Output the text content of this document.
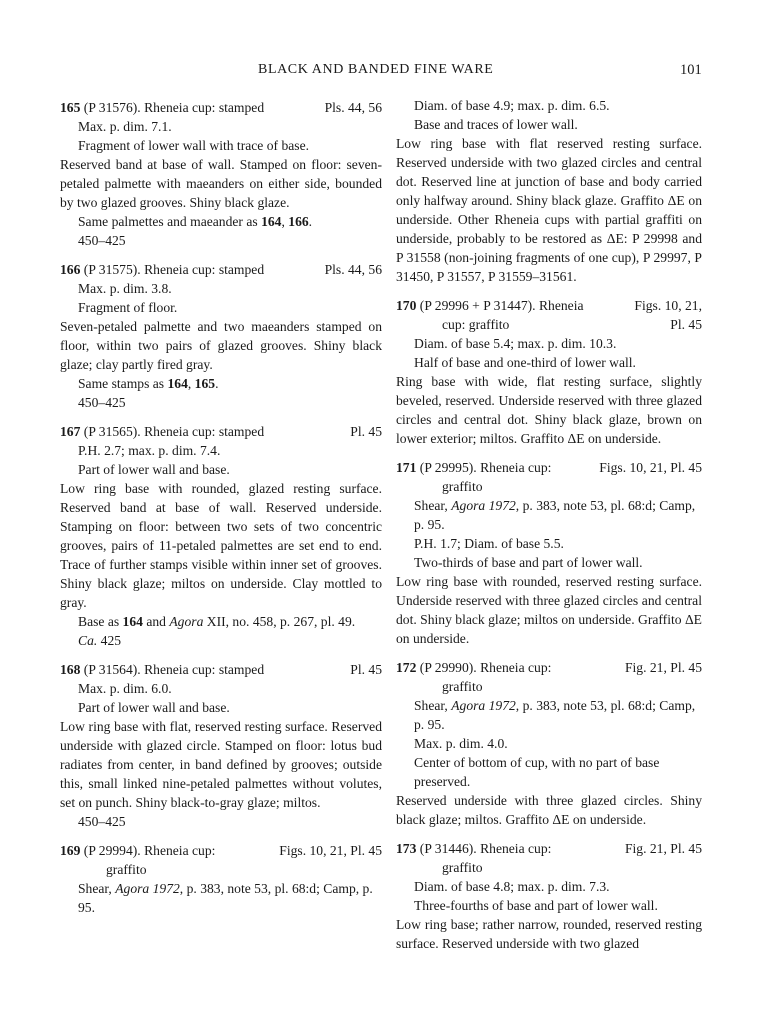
BLACK AND BANDED FINE WARE	101
165 (P 31576). Rheneia cup: stamped	Pls. 44, 56

Max. p. dim. 7.1.

Fragment of lower wall with trace of base.

Reserved band at base of wall. Stamped on floor: seven-petaled palmette with maeanders on either side, bounded by two glazed grooves. Shiny black glaze.

Same palmettes and maeander as 164, 166.

450–425

166 (P 31575). Rheneia cup: stamped	Pls. 44, 56

Max. p. dim. 3.8.

Fragment of floor.

Seven-petaled palmette and two maeanders stamped on floor, within two pairs of glazed grooves. Shiny black glaze; clay partly fired gray.

Same stamps as 164, 165.

450–425

167 (P 31565). Rheneia cup: stamped	Pl. 45

P.H. 2.7; max. p. dim. 7.4.

Part of lower wall and base.

Low ring base with rounded, glazed resting surface. Reserved band at base of wall. Reserved underside. Stamping on floor: between two sets of two concentric grooves, pairs of 11-petaled palmettes are set end to end. Trace of further stamps visible within inner set of grooves. Shiny black glaze; miltos on underside. Clay mottled to gray.

Base as 164 and Agora XII, no. 458, p. 267, pl. 49.

Ca. 425

168 (P 31564). Rheneia cup: stamped	Pl. 45

Max. p. dim. 6.0.

Part of lower wall and base.

Low ring base with flat, reserved resting surface. Reserved underside with glazed circle. Stamped on floor: lotus bud radiates from center, in band defined by grooves; outside this, small linked nine-petaled palmettes without volutes, set on punch. Shiny black-to-gray glaze; miltos.

450–425

169 (P 29994). Rheneia cup:	Figs. 10, 21, Pl. 45

graffito

Shear, Agora 1972, p. 383, note 53, pl. 68:d; Camp, p. 95.

Diam. of base 4.9; max. p. dim. 6.5.

Base and traces of lower wall.

Low ring base with flat reserved resting surface. Reserved underside with two glazed circles and central dot. Reserved line at junction of base and body carried only halfway around. Shiny black glaze. Graffito ΔΕ on underside. Other Rheneia cups with partial graffiti on underside, probably to be restored as ΔΕ: P 29998 and P 31558 (non-joining fragments of one cup), P 29997, P 31450, P 31557, P 31559–31561.

170 (P 29996 + P 31447). Rheneia	Figs. 10, 21,
cup: graffito	Pl. 45

Diam. of base 5.4; max. p. dim. 10.3.

Half of base and one-third of lower wall.

Ring base with wide, flat resting surface, slightly beveled, reserved. Underside reserved with three glazed circles and central dot. Shiny black glaze, brown on lower exterior; miltos. Graffito ΔΕ on underside.

171 (P 29995). Rheneia cup:	Figs. 10, 21, Pl. 45

graffito

Shear, Agora 1972, p. 383, note 53, pl. 68:d; Camp, p. 95.

P.H. 1.7; Diam. of base 5.5.

Two-thirds of base and part of lower wall.

Low ring base with rounded, reserved resting surface. Underside reserved with three glazed circles and central dot. Shiny black glaze; miltos on underside. Graffito ΔΕ on underside.

172 (P 29990). Rheneia cup:	Fig. 21, Pl. 45

graffito

Shear, Agora 1972, p. 383, note 53, pl. 68:d; Camp, p. 95.

Max. p. dim. 4.0.

Center of bottom of cup, with no part of base preserved.

Reserved underside with three glazed circles. Shiny black glaze; miltos. Graffito ΔΕ on underside.

173 (P 31446). Rheneia cup:	Fig. 21, Pl. 45

graffito

Diam. of base 4.8; max. p. dim. 7.3.

Three-fourths of base and part of lower wall.

Low ring base; rather narrow, rounded, reserved resting surface. Reserved underside with two glazed
